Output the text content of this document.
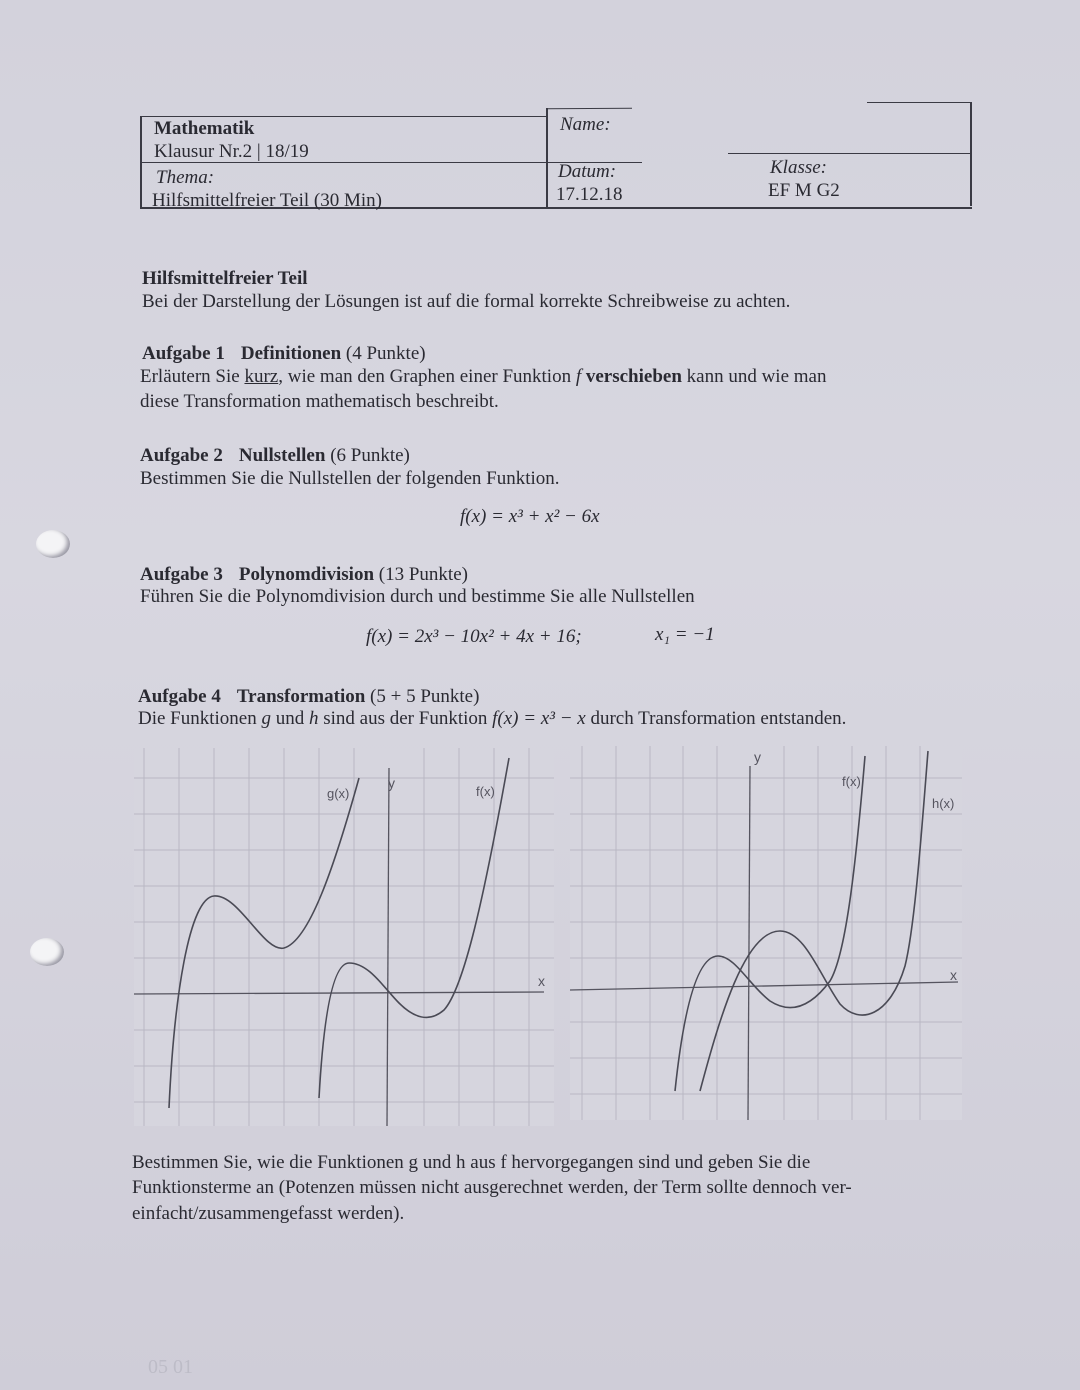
Mathematik
Klausur Nr.2 | 18/19
Thema:
Hilfsmittelfreier Teil (30 Min)
Name:
Datum:
17.12.18
Klasse:
EF M G2
Hilfsmittelfreier Teil
Bei der Darstellung der Lösungen ist auf die formal korrekte Schreibweise zu achten.
Aufgabe 1 Definitionen (4 Punkte)
Erläutern Sie kurz, wie man den Graphen einer Funktion f verschieben kann und wie man
diese Transformation mathematisch beschreibt.
Aufgabe 2 Nullstellen (6 Punkte)
Bestimmen Sie die Nullstellen der folgenden Funktion.
f(x) = x³ + x² − 6x
Aufgabe 3 Polynomdivision (13 Punkte)
Führen Sie die Polynomdivision durch und bestimme Sie alle Nullstellen
f(x) = 2x³ − 10x² + 4x + 16;	x₁ = −1
Aufgabe 4 Transformation (5 + 5 Punkte)
Die Funktionen g und h sind aus der Funktion f(x) = x³ − x durch Transformation entstanden.
y
x
g(x)	f(x)
y
x
f(x)
h(x)
Bestimmen Sie, wie die Funktionen g und h aus f hervorgegangen sind und geben Sie die
Funktionsterme an (Potenzen müssen nicht ausgerechnet werden, der Term sollte dennoch ver-
einfacht/zusammengefasst werden).
05 01
